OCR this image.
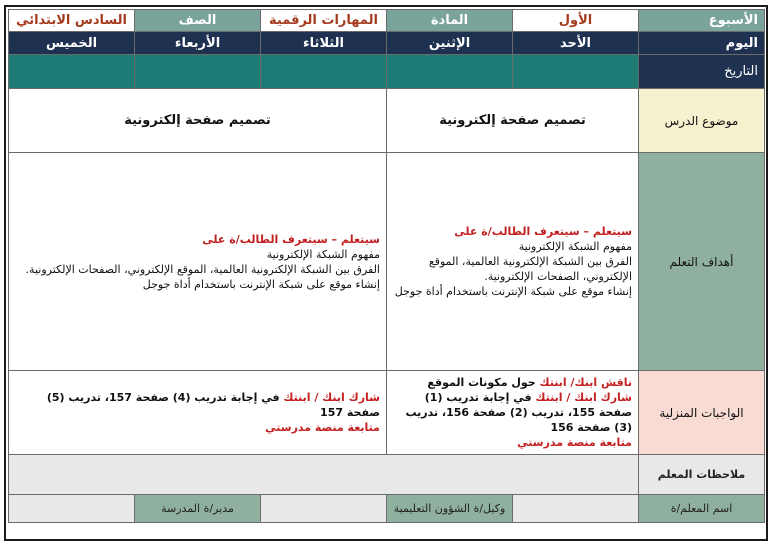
الأسبوع	الأول	المادة	المهارات الرقمية	الصف	السادس الابتدائي
اليوم	الأحد	الإثنين	الثلاثاء	الأربعاء	الخميس
التاريخ					
موضوع الدرس	تصميم صفحة إلكترونية		تصميم صفحة إلكترونية		
أهداف التعلم	سيتعلم – سيتعرف الطالب/ة على
مفهوم الشبكة الإلكترونية
الفرق بين الشبكة الإلكترونية العالمية، الموقع الإلكتروني، الصفحات الإلكترونية.
إنشاء موقع على شبكة الإنترنت باستخدام أداة جوجل		سيتعلم – سيتعرف الطالب/ة على
مفهوم الشبكة الإلكترونية
الفرق بين الشبكة الإلكترونية العالمية، الموقع الإلكتروني، الصفحات الإلكترونية.
إنشاء موقع على شبكة الإنترنت باستخدام أداة جوجل		

الواجبات المنزلية	ناقش ابنك/ ابنتك حول مكونات الموقع
شارك ابنك / ابنتك في إجابة تدريب (1) صفحة 155، تدريب (2) صفحة 156، تدريب (3) صفحة 156
متابعة منصة مدرستي		شارك ابنك / ابنتك في إجابة تدريب (4) صفحة 157، تدريب (5) صفحة 157
متابعة منصة مدرستي		

ملاحظات المعلم					
اسم المعلم/ة		وكيل/ة الشؤون التعليمية		مدير/ة المدرسة	
